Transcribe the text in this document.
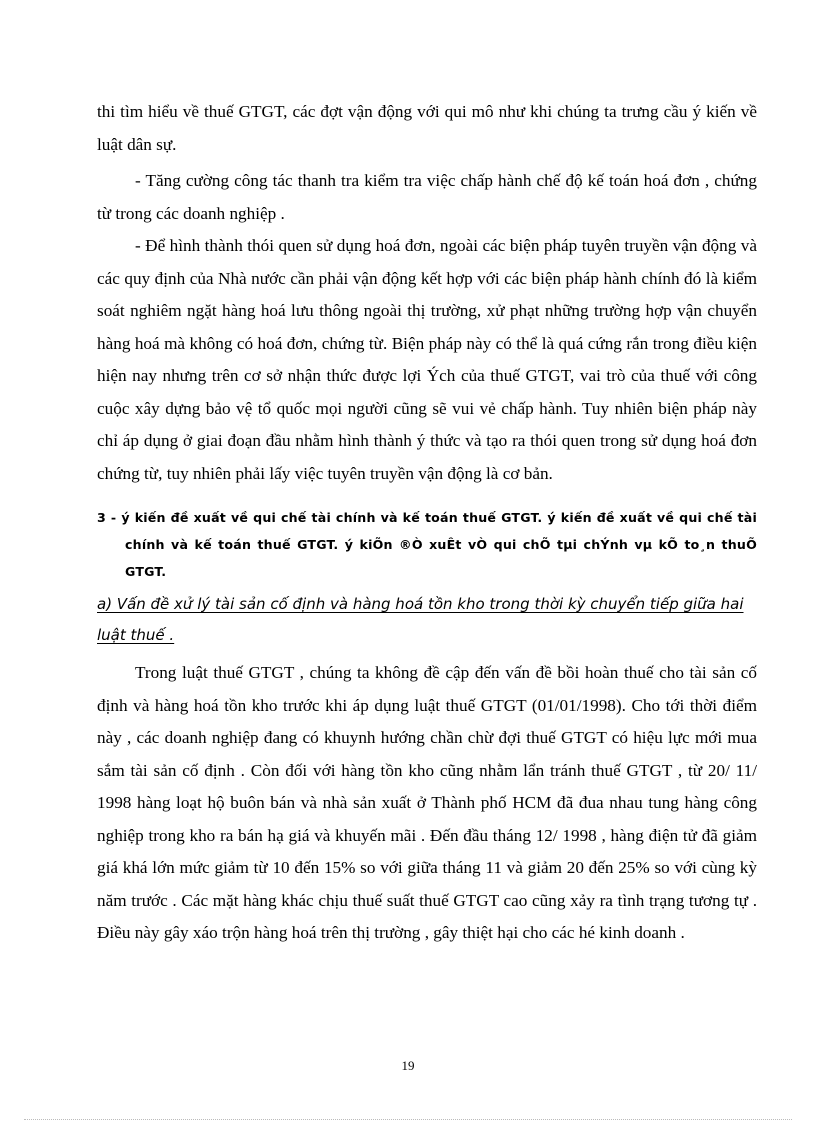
thi tìm hiểu về thuế GTGT, các đợt vận động với qui mô như khi chúng ta trưng cầu ý kiến về luật dân sự.

- Tăng cường công tác thanh tra kiểm tra việc chấp hành chế độ kế toán hoá đơn , chứng từ trong các doanh nghiệp .

- Để hình thành thói quen sử dụng hoá đơn, ngoài các biện pháp tuyên truyền vận động và các quy định của Nhà nước cần phải vận động kết hợp với các biện pháp hành chính đó là kiểm soát nghiêm ngặt hàng hoá lưu thông ngoài thị trường, xử phạt những trường hợp vận chuyển hàng hoá mà không có hoá đơn, chứng từ. Biện pháp này có thể là quá cứng rắn trong điều kiện hiện nay nhưng trên cơ sở nhận thức được lợi Ých của thuế GTGT, vai trò của thuế với công cuộc xây dựng bảo vệ tổ quốc mọi người cũng sẽ vui vẻ chấp hành. Tuy nhiên biện pháp này chỉ áp dụng ở giai đoạn đầu nhằm hình thành ý thức và tạo ra thói quen trong sử dụng hoá đơn chứng từ, tuy nhiên phải lấy việc tuyên truyền vận động là cơ bản.

3 - ý kiến đề xuất về qui chế tài chính và kế toán thuế GTGT. ý kiến đề xuất về qui chế tài chính và kế toán thuế GTGT. ý kiÕn ®Ò xuÊt vÒ qui chÕ tµi chÝnh vµ kÕ to¸n thuÕ GTGT.
a) Vấn đề xử lý tài sản cố định và hàng hoá tồn kho trong thời kỳ chuyển tiếp giữa hai luật thuế .

Trong luật thuế GTGT , chúng ta không đề cập đến vấn đề bồi hoàn thuế cho tài sản cố định và hàng hoá tồn kho trước khi áp dụng luật thuế GTGT (01/01/1998). Cho tới thời điểm này , các doanh nghiệp đang có khuynh hướng chần chừ đợi thuế GTGT có hiệu lực mới mua sắm tài sản cố định . Còn đối với hàng tồn kho cũng nhằm lẩn tránh thuế GTGT , từ 20/ 11/ 1998 hàng loạt hộ buôn bán và nhà sản xuất ở Thành phố HCM đã đua nhau tung hàng công nghiệp trong kho ra bán hạ giá và khuyến mãi . Đến đầu tháng 12/ 1998 , hàng điện tử đã giảm giá khá lớn mức giảm từ 10 đến 15% so với giữa tháng 11 và giảm 20 đến 25% so với cùng kỳ năm trước . Các mặt hàng khác chịu thuế suất thuế GTGT cao cũng xảy ra tình trạng tương tự . Điều này gây xáo trộn hàng hoá trên thị trường , gây thiệt hại cho các hé kinh doanh .

19
